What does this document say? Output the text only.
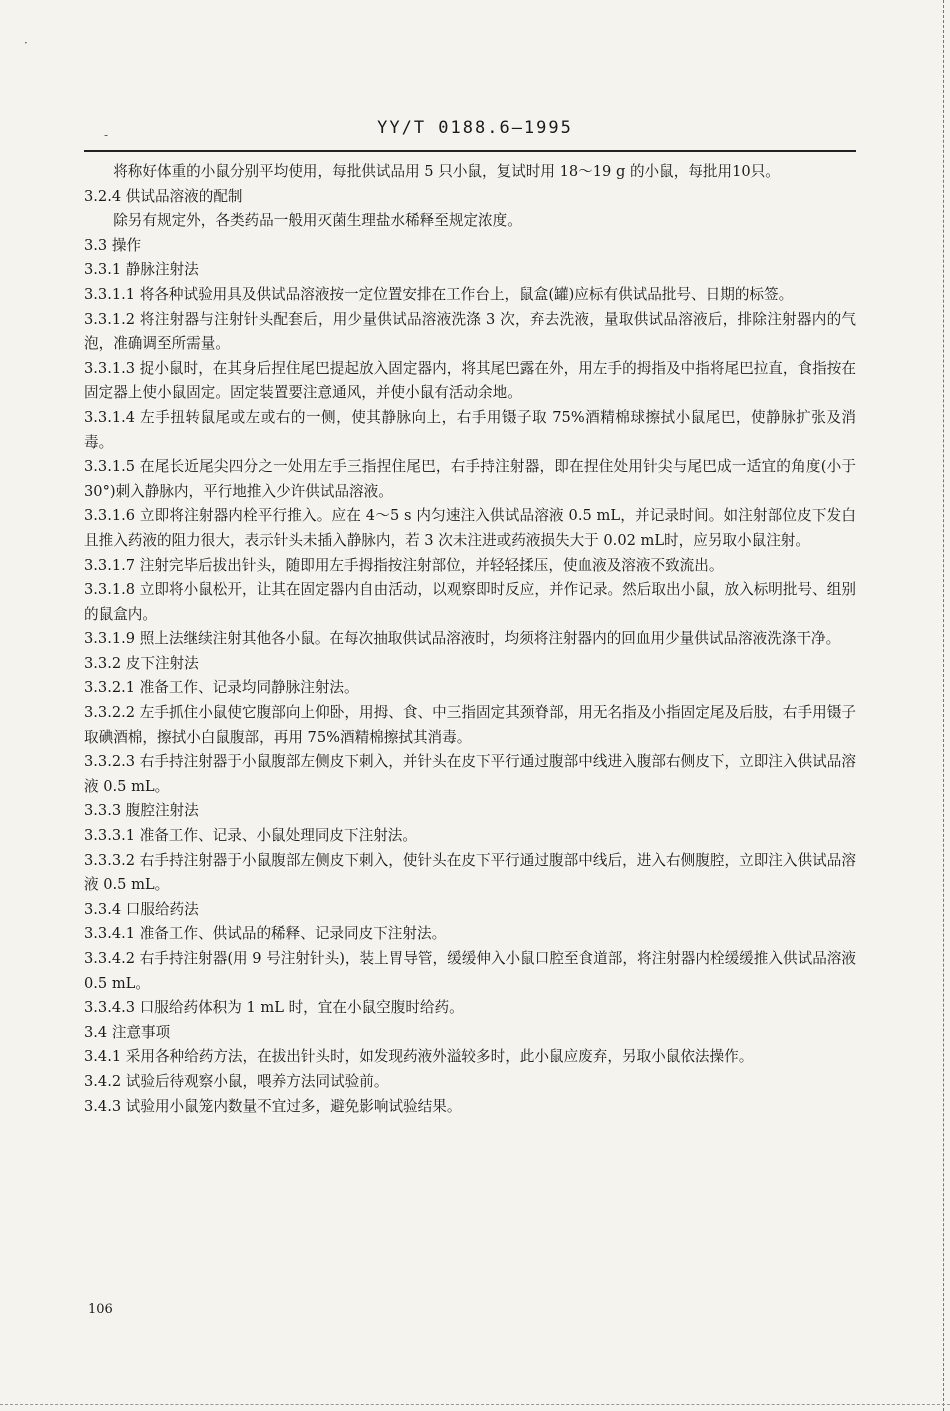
YY/T 0188.6—1995

将称好体重的小鼠分别平均使用，每批供试品用 5 只小鼠，复试时用 18～19 g 的小鼠，每批用10只。

3.2.4 供试品溶液的配制

除另有规定外，各类药品一般用灭菌生理盐水稀释至规定浓度。

3.3 操作

3.3.1 静脉注射法

3.3.1.1 将各种试验用具及供试品溶液按一定位置安排在工作台上，鼠盒(罐)应标有供试品批号、日期的标签。

3.3.1.2 将注射器与注射针头配套后，用少量供试品溶液洗涤 3 次，弃去洗液，量取供试品溶液后，排除注射器内的气泡，准确调至所需量。

3.3.1.3 捉小鼠时，在其身后捏住尾巴提起放入固定器内，将其尾巴露在外，用左手的拇指及中指将尾巴拉直，食指按在固定器上使小鼠固定。固定装置要注意通风，并使小鼠有活动余地。

3.3.1.4 左手扭转鼠尾或左或右的一侧，使其静脉向上，右手用镊子取 75%酒精棉球擦拭小鼠尾巴，使静脉扩张及消毒。

3.3.1.5 在尾长近尾尖四分之一处用左手三指捏住尾巴，右手持注射器，即在捏住处用针尖与尾巴成一适宜的角度(小于 30°)刺入静脉内，平行地推入少许供试品溶液。

3.3.1.6 立即将注射器内栓平行推入。应在 4～5 s 内匀速注入供试品溶液 0.5 mL，并记录时间。如注射部位皮下发白且推入药液的阻力很大，表示针头未插入静脉内，若 3 次未注进或药液损失大于 0.02 mL时，应另取小鼠注射。

3.3.1.7 注射完毕后拔出针头，随即用左手拇指按注射部位，并轻轻揉压，使血液及溶液不致流出。

3.3.1.8 立即将小鼠松开，让其在固定器内自由活动，以观察即时反应，并作记录。然后取出小鼠，放入标明批号、组别的鼠盒内。

3.3.1.9 照上法继续注射其他各小鼠。在每次抽取供试品溶液时，均须将注射器内的回血用少量供试品溶液洗涤干净。

3.3.2 皮下注射法

3.3.2.1 准备工作、记录均同静脉注射法。

3.3.2.2 左手抓住小鼠使它腹部向上仰卧，用拇、食、中三指固定其颈脊部，用无名指及小指固定尾及后肢，右手用镊子取碘酒棉，擦拭小白鼠腹部，再用 75%酒精棉擦拭其消毒。

3.3.2.3 右手持注射器于小鼠腹部左侧皮下刺入，并针头在皮下平行通过腹部中线进入腹部右侧皮下，立即注入供试品溶液 0.5 mL。

3.3.3 腹腔注射法

3.3.3.1 准备工作、记录、小鼠处理同皮下注射法。

3.3.3.2 右手持注射器于小鼠腹部左侧皮下刺入，使针头在皮下平行通过腹部中线后，进入右侧腹腔，立即注入供试品溶液 0.5 mL。

3.3.4 口服给药法

3.3.4.1 准备工作、供试品的稀释、记录同皮下注射法。

3.3.4.2 右手持注射器(用 9 号注射针头)，装上胃导管，缓缓伸入小鼠口腔至食道部，将注射器内栓缓缓推入供试品溶液 0.5 mL。

3.3.4.3 口服给药体积为 1 mL 时，宜在小鼠空腹时给药。

3.4 注意事项

3.4.1 采用各种给药方法，在拔出针头时，如发现药液外溢较多时，此小鼠应废弃，另取小鼠依法操作。

3.4.2 试验后待观察小鼠，喂养方法同试验前。

3.4.3 试验用小鼠笼内数量不宜过多，避免影响试验结果。

106
-
·
